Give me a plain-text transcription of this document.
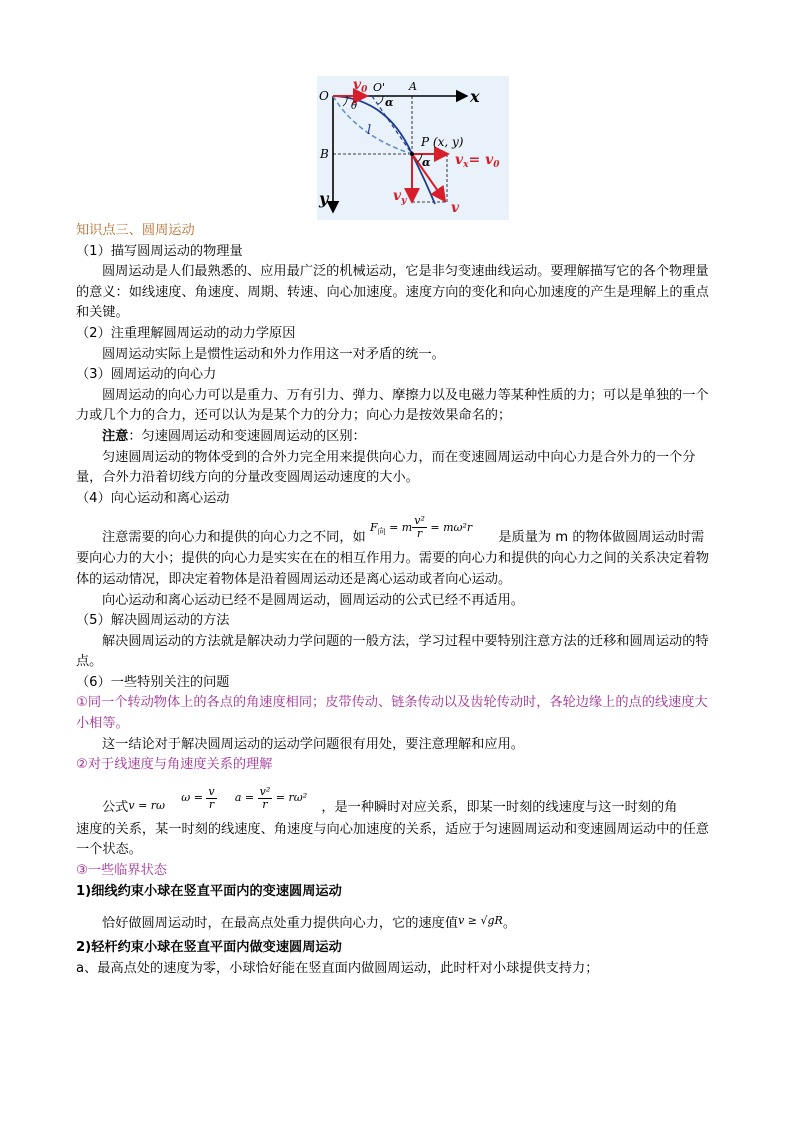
O
$v_0$ O' A
x
θ	α
l
P (x, y)
B
α $v_x= v_0$
y	$v_y$	v
知识点三、圆周运动
（1）描写圆周运动的物理量
圆周运动是人们最熟悉的、应用最广泛的机械运动，它是非匀变速曲线运动。要理解描写它的各个物理量的意义：如线速度、角速度、周期、转速、向心加速度。速度方向的变化和向心加速度的产生是理解上的重点和关键。
（2）注重理解圆周运动的动力学原因
圆周运动实际上是惯性运动和外力作用这一对矛盾的统一。
（3）圆周运动的向心力
圆周运动的向心力可以是重力、万有引力、弹力、摩擦力以及电磁力等某种性质的力；可以是单独的一个力或几个力的合力，还可以认为是某个力的分力；向心力是按效果命名的；
注意：匀速圆周运动和变速圆周运动的区别：
匀速圆周运动的物体受到的合外力完全用来提供向心力，而在变速圆周运动中向心力是合外力的一个分量，合外力沿着切线方向的分量改变圆周运动速度的大小。
（4）向心运动和离心运动
注意需要的向心力和提供的向心力之不同，如 $F_向 = m \frac{\text{v²}}{r} = m\omega^2r$ 是质量为 m 的物体做圆周运动时需
要向心力的大小；提供的向心力是实实在在的相互作用力。需要的向心力和提供的向心力之间的关系决定着物体的运动情况，即决定着物体是沿着圆周运动还是离心运动或者向心运动。
向心运动和离心运动已经不是圆周运动，圆周运动的公式已经不再适用。
（5）解决圆周运动的方法
解决圆周运动的方法就是解决动力学问题的一般方法，学习过程中要特别注意方法的迁移和圆周运动的特点。
（6）一些特别关注的问题
①同一个转动物体上的各点的角速度相同；皮带传动、链条传动以及齿轮传动时，各轮边缘上的点的线速度大小相等。
这一结论对于解决圆周运动的运动学问题很有用处，要注意理解和应用。
②对于线速度与角速度关系的理解
公式$_{v = r\omega}$ $\omega = \frac{v}{r}$ $a = \frac{\text{v²}}{r} = r\omega^2$ ，是一种瞬时对应关系，即某一时刻的线速度与这一时刻的角
速度的关系，某一时刻的线速度、角速度与向心加速度的关系，适应于匀速圆周运动和变速圆周运动中的任意一个状态。
③一些临界状态
1)细线约束小球在竖直平面内的变速圆周运动
恰好做圆周运动时，在最高点处重力提供向心力，它的速度值$^{v \ge √gR}$。
2)轻杆约束小球在竖直平面内做变速圆周运动
a、最高点处的速度为零，小球恰好能在竖直面内做圆周运动，此时杆对小球提供支持力；
